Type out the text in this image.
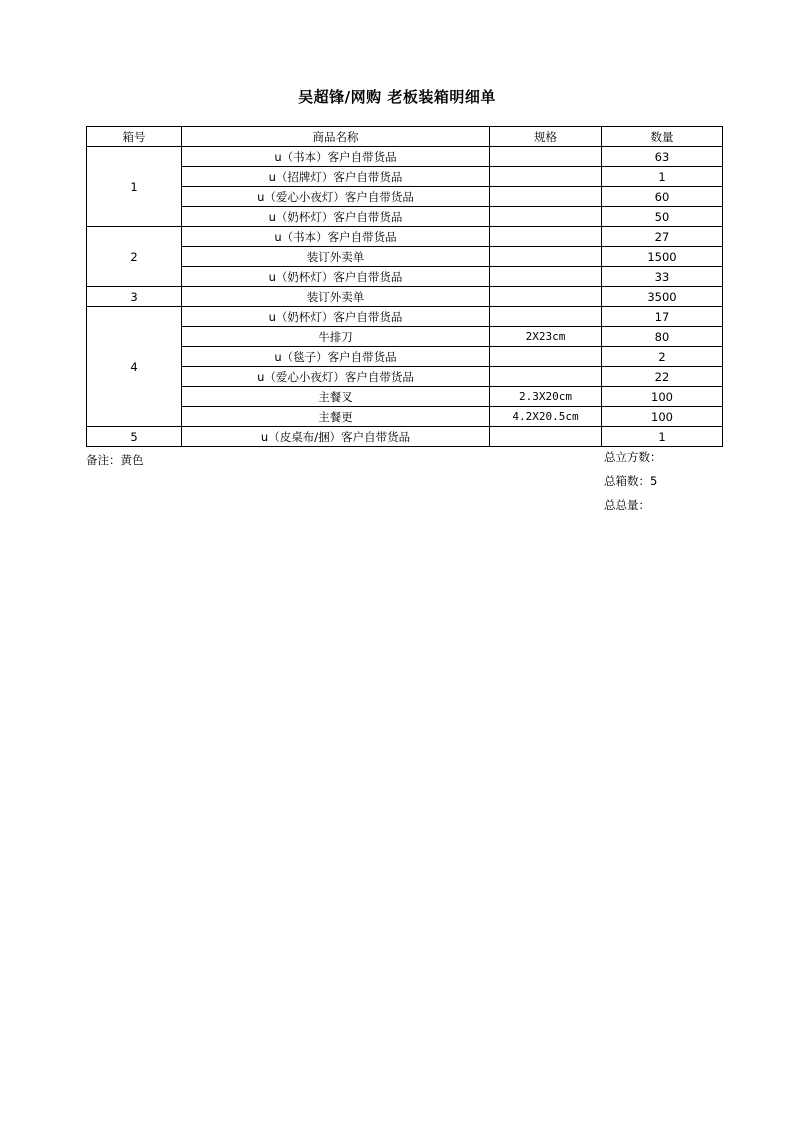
吴超锋/网购 老板装箱明细单
箱号	商品名称	规格	数量
1	u（书本）客户自带货品		63
	u（招牌灯）客户自带货品		1
	u（爱心小夜灯）客户自带货品		60
	u（奶杯灯）客户自带货品		50
2	u（书本）客户自带货品		27
	装订外卖单		1500
	u（奶杯灯）客户自带货品		33
3	装订外卖单		3500
4	u（奶杯灯）客户自带货品		17
	牛排刀	2X23cm	80
	u（毯子）客户自带货品		2
	u（爱心小夜灯）客户自带货品		22
	主餐叉	2.3X20cm	100
	主餐更	4.2X20.5cm	100
5	u（皮桌布/捆）客户自带货品		1
备注：黄色	总立方数：
总箱数：5
总总量：
